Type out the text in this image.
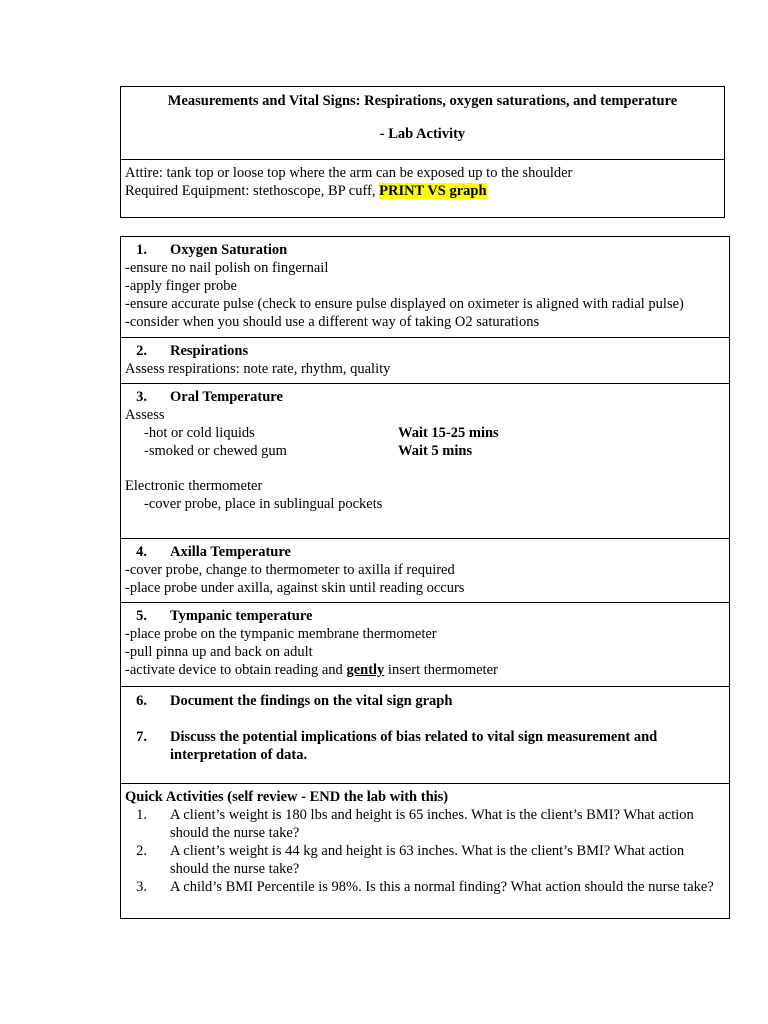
Measurements and Vital Signs: Respirations, oxygen saturations, and temperature
- Lab Activity
Attire: tank top or loose top where the arm can be exposed up to the shoulder
Required Equipment: stethoscope, BP cuff, PRINT VS graph
1. Oxygen Saturation
-ensure no nail polish on fingernail
-apply finger probe
-ensure accurate pulse (check to ensure pulse displayed on oximeter is aligned with radial pulse)
-consider when you should use a different way of taking O2 saturations
2. Respirations
Assess respirations: note rate, rhythm, quality
3. Oral Temperature
Assess
-hot or cold liquids	Wait 15-25 mins
-smoked or chewed gum	Wait 5 mins
Electronic thermometer
-cover probe, place in sublingual pockets
4. Axilla Temperature
-cover probe, change to thermometer to axilla if required
-place probe under axilla, against skin until reading occurs
5. Tympanic temperature
-place probe on the tympanic membrane thermometer
-pull pinna up and back on adult
-activate device to obtain reading and gently insert thermometer
6. Document the findings on the vital sign graph
7. Discuss the potential implications of bias related to vital sign measurement and interpretation of data.
Quick Activities (self review - END the lab with this)
1. A client’s weight is 180 lbs and height is 65 inches. What is the client’s BMI? What action should the nurse take?
2. A client’s weight is 44 kg and height is 63 inches. What is the client’s BMI? What action should the nurse take?
3. A child’s BMI Percentile is 98%. Is this a normal finding? What action should the nurse take?
